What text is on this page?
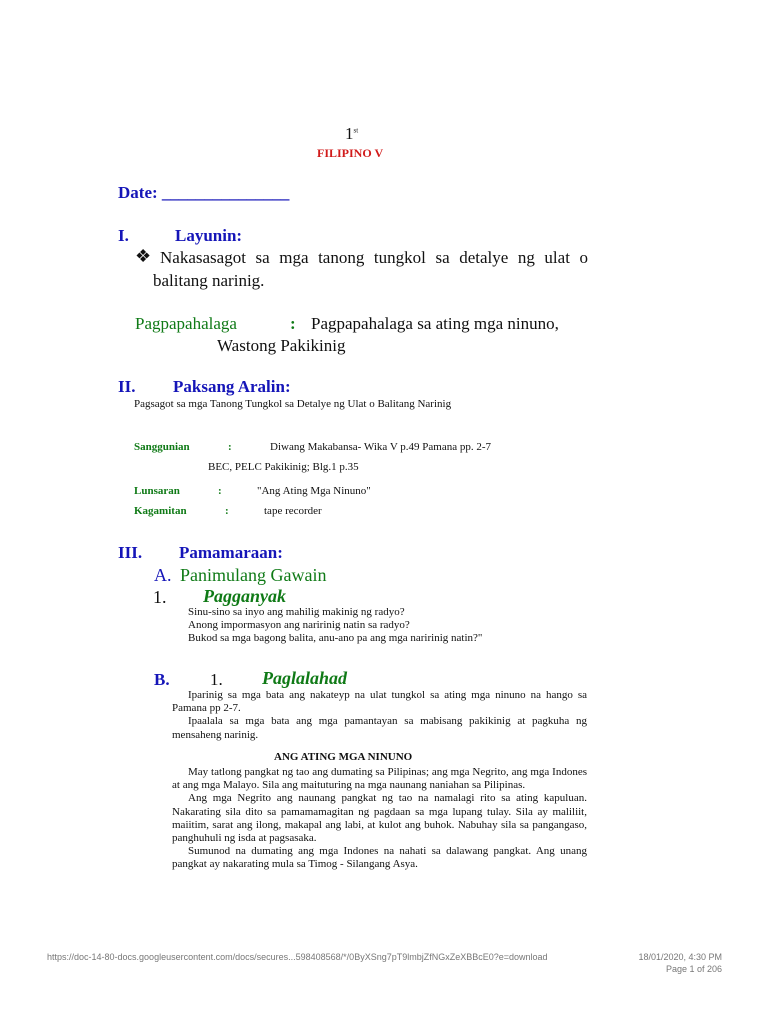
1st
FILIPINO V
Date: _______________
I.	Layunin:
❖ Nakasasagot sa mga tanong tungkol sa detalye ng ulat o
balitang narinig.
Pagpapahalaga	: Pagpapahalaga sa ating mga ninuno,
Wastong Pakikinig
II. Paksang Aralin:
Pagsagot sa mga Tanong Tungkol sa Detalye ng Ulat o Balitang Narinig
Sanggunian	:	Diwang Makabansa- Wika V p.49 Pamana pp. 2-7
BEC, PELC Pakikinig; Blg.1 p.35
Lunsaran	:	"Ang Ating Mga Ninuno"
Kagamitan	:	tape recorder
III. Pamamaraan:
A. Panimulang Gawain
1. Pagganyak
Sinu-sino sa inyo ang mahilig makinig ng radyo?
Anong impormasyon ang naririnig natin sa radyo?
Bukod sa mga bagong balita, anu-ano pa ang mga naririnig natin?"
B. 1. Paglalahad

Iparinig sa mga bata ang nakateyp na ulat tungkol sa ating mga ninuno na hango sa Pamana pp 2-7.

Ipaalala sa mga bata ang mga pamantayan sa mabisang pakikinig at pagkuha ng mensaheng narinig.

ANG ATING MGA NINUNO

May tatlong pangkat ng tao ang dumating sa Pilipinas; ang mga Negrito, ang mga Indones at ang mga Malayo. Sila ang maituturing na mga naunang naniahan sa Pilipinas.

Ang mga Negrito ang naunang pangkat ng tao na namalagi rito sa ating kapuluan. Nakarating sila dito sa pamamamagitan ng pagdaan sa mga lupang tulay. Sila ay maliliit, maiitim, sarat ang ilong, makapal ang labi, at kulot ang buhok. Nabuhay sila sa pangangaso, panghuhuli ng isda at pagsasaka.

Sumunod na dumating ang mga Indones na nahati sa dalawang pangkat. Ang unang pangkat ay nakarating mula sa Timog - Silangang Asya.

https://doc-14-80-docs.googleusercontent.com/docs/secures...598408568/*/0ByXSng7pT9lmbjZfNGxZeXBBcE0?e=download	18/01/2020, 4:30 PM
Page 1 of 206
